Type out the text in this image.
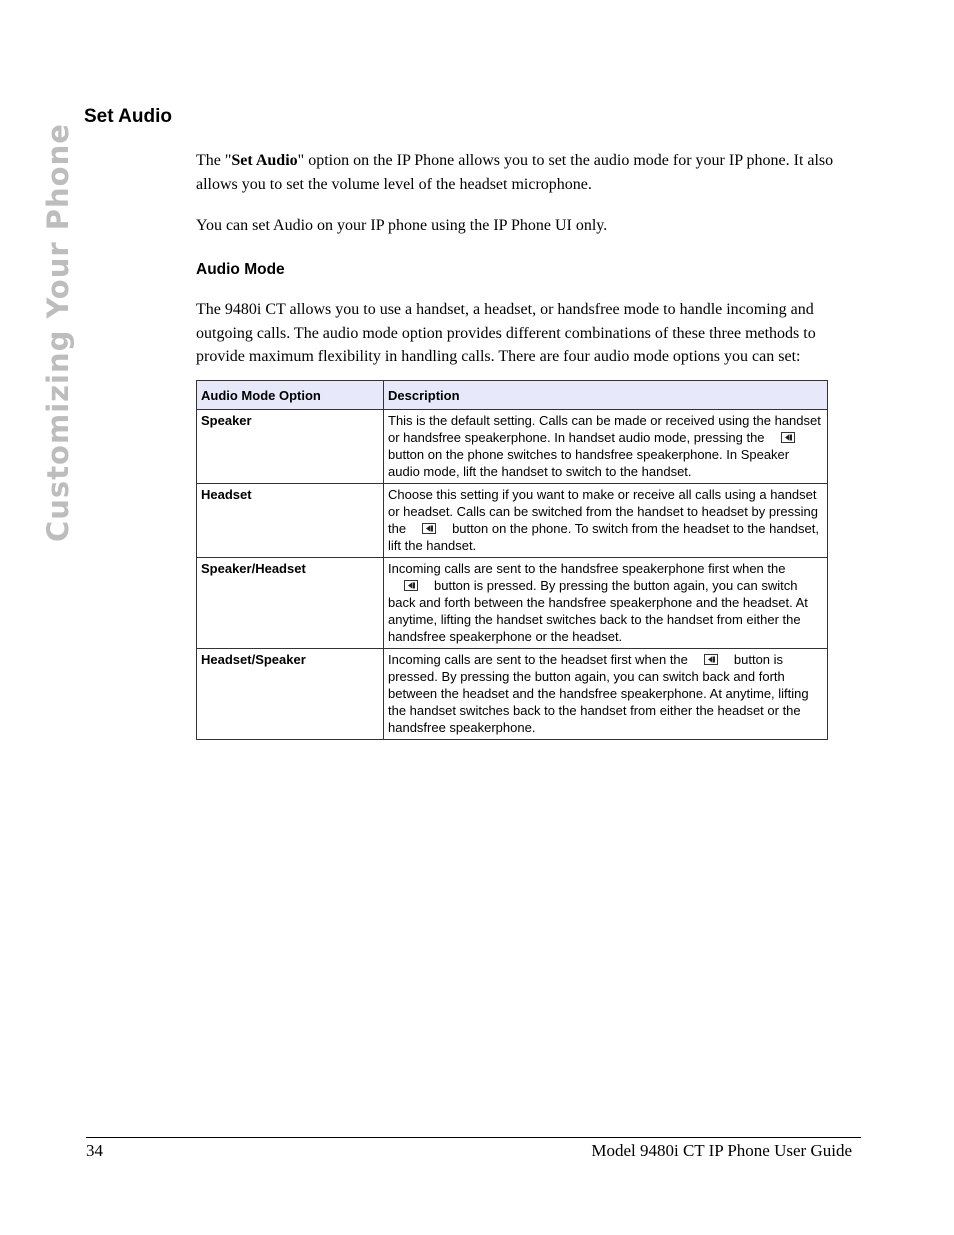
Customizing Your Phone
Set Audio

The "Set Audio" option on the IP Phone allows you to set the audio mode for your IP phone. It also allows you to set the volume level of the headset microphone.

You can set Audio on your IP phone using the IP Phone UI only.

Audio Mode

The 9480i CT allows you to use a handset, a headset, or handsfree mode to handle incoming and outgoing calls. The audio mode option provides different combinations of these three methods to provide maximum flexibility in handling calls. There are four audio mode options you can set:

Audio Mode Option	Description
Speaker	This is the default setting. Calls can be made or received using the handset or handsfree speakerphone. In handset audio mode, pressing the
button on the phone switches to handsfree speakerphone. In Speaker audio mode, lift the handset to switch to the handset.
Headset	Choose this setting if you want to make or receive all calls using a handset or headset. Calls can be switched from the handset to headset by pressing the button on the phone. To switch from the headset to the handset, lift the handset.
Speaker/Headset	Incoming calls are sent to the handsfree speakerphone first when the
button is pressed. By pressing the button again, you can switch back and forth between the handsfree speakerphone and the headset. At anytime, lifting the handset switches back to the handset from either the handsfree speakerphone or the headset.
Headset/Speaker	Incoming calls are sent to the headset first when the button is pressed. By pressing the button again, you can switch back and forth between the headset and the handsfree speakerphone. At anytime, lifting the handset switches back to the handset from either the headset or the handsfree speakerphone.
34	Model 9480i CT IP Phone User Guide
